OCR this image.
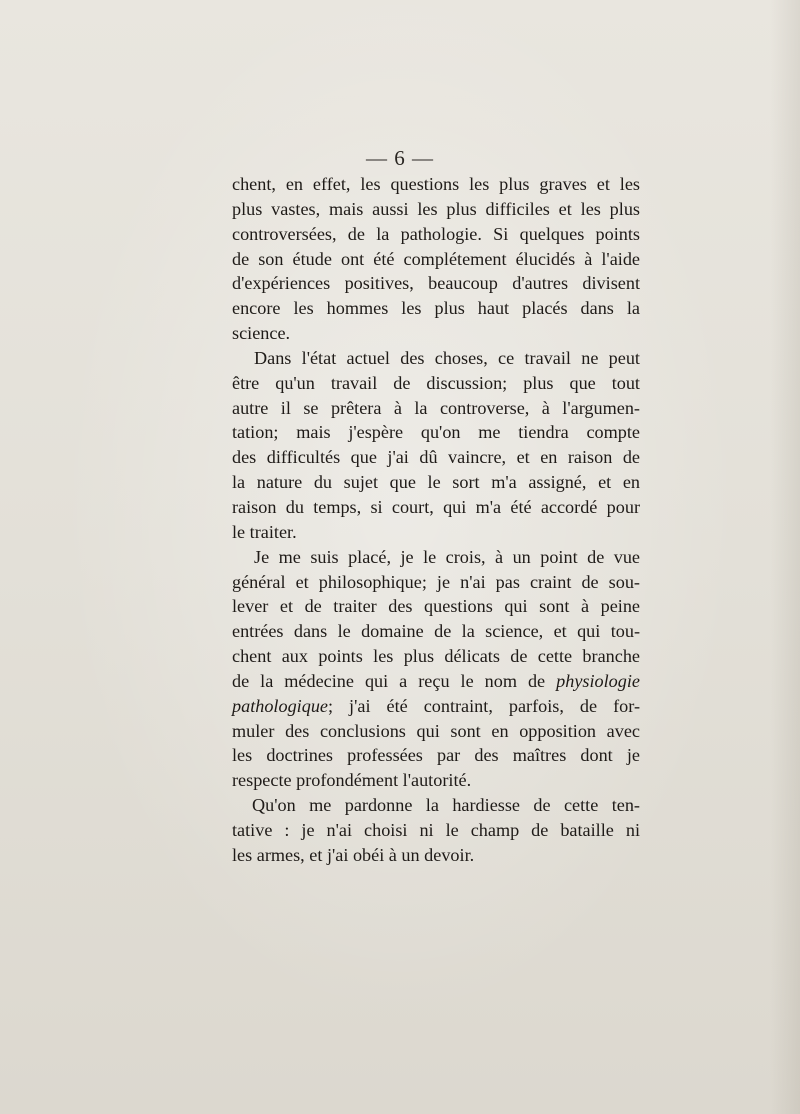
— 6 —
chent, en effet, les questions les plus graves et les
plus vastes, mais aussi les plus difficiles et les plus
controversées, de la pathologie. Si quelques points
de son étude ont été complétement élucidés à l'aide
d'expériences positives, beaucoup d'autres divisent
encore les hommes les plus haut placés dans la
science.
Dans l'état actuel des choses, ce travail ne peut
être qu'un travail de discussion; plus que tout
autre il se prêtera à la controverse, à l'argumen-
tation; mais j'espère qu'on me tiendra compte
des difficultés que j'ai dû vaincre, et en raison de
la nature du sujet que le sort m'a assigné, et en
raison du temps, si court, qui m'a été accordé pour
le traiter.
Je me suis placé, je le crois, à un point de vue
général et philosophique; je n'ai pas craint de sou-
lever et de traiter des questions qui sont à peine
entrées dans le domaine de la science, et qui tou-
chent aux points les plus délicats de cette branche
de la médecine qui a reçu le nom de physiologie
pathologique; j'ai été contraint, parfois, de for-
muler des conclusions qui sont en opposition avec
les doctrines professées par des maîtres dont je
respecte profondément l'autorité.
Qu'on me pardonne la hardiesse de cette ten-
tative : je n'ai choisi ni le champ de bataille ni
les armes, et j'ai obéi à un devoir.
